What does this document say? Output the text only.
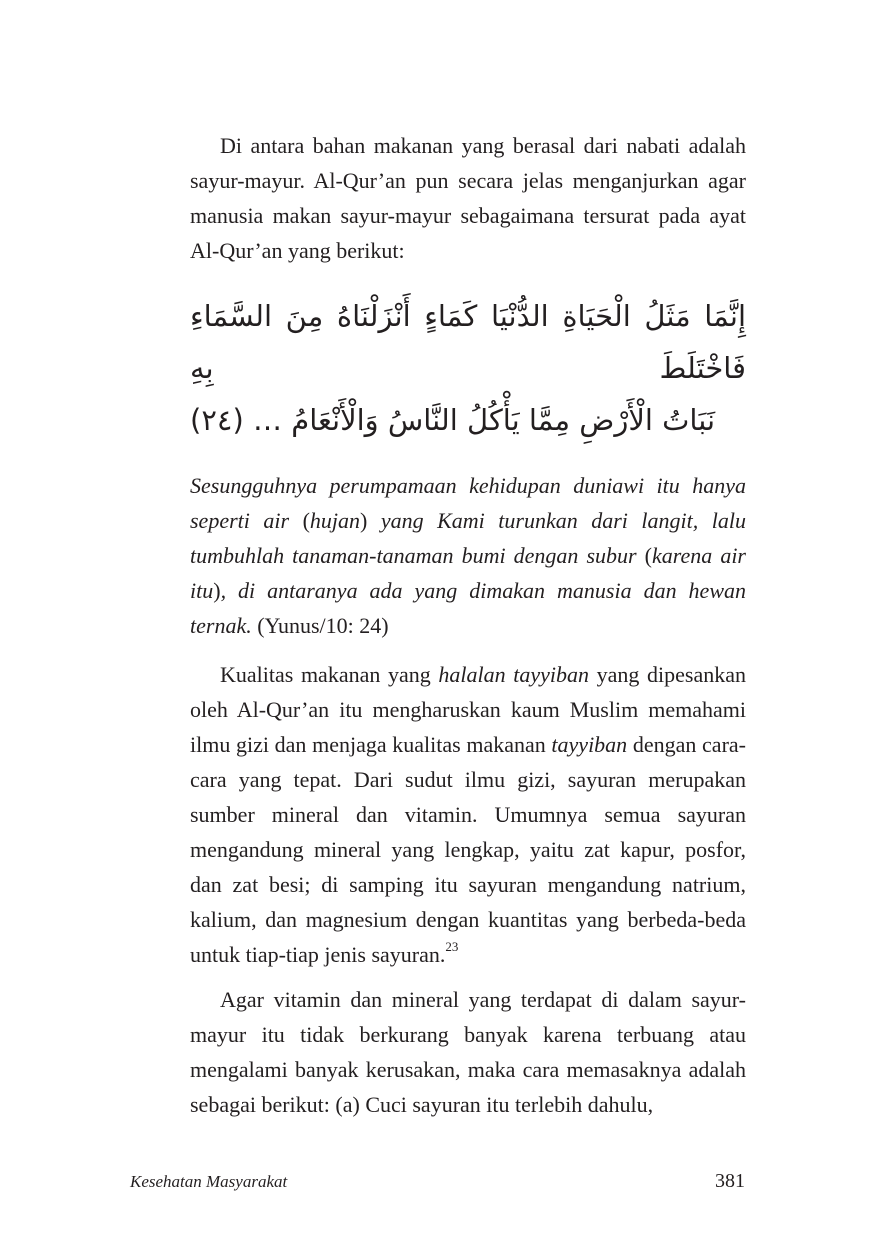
Di antara bahan makanan yang berasal dari nabati adalah sayur-mayur. Al-Qur’an pun secara jelas menganjurkan agar manusia makan sayur-mayur sebagaimana tersurat pada ayat Al-Qur’an yang berikut:

إِنَّمَا مَثَلُ الْحَيَاةِ الدُّنْيَا كَمَاءٍ أَنْزَلْنَاهُ مِنَ السَّمَاءِ فَاخْتَلَطَ بِهِ
نَبَاتُ الْأَرْضِ مِمَّا يَأْكُلُ النَّاسُ وَالْأَنْعَامُ … (٢٤)

Sesungguhnya perumpamaan kehidupan duniawi itu hanya seperti air (hujan) yang Kami turunkan dari langit, lalu tumbuhlah tanaman-tanaman bumi dengan subur (karena air itu), di antaranya ada yang dimakan manusia dan hewan ternak. (Yunus/10: 24)

Kualitas makanan yang halalan tayyiban yang dipesankan oleh Al-Qur’an itu mengharuskan kaum Muslim memahami ilmu gizi dan menjaga kualitas makanan tayyiban dengan cara-cara yang tepat. Dari sudut ilmu gizi, sayuran merupakan sumber mineral dan vitamin. Umumnya semua sayuran mengandung mineral yang lengkap, yaitu zat kapur, posfor, dan zat besi; di samping itu sayuran mengandung natrium, kalium, dan magnesium dengan kuantitas yang berbeda-beda untuk tiap-tiap jenis sayuran.$^{23}$

Agar vitamin dan mineral yang terdapat di dalam sayur-mayur itu tidak berkurang banyak karena terbuang atau mengalami banyak kerusakan, maka cara memasaknya adalah sebagai berikut: (a) Cuci sayuran itu terlebih dahulu,

Kesehatan Masyarakat	381
